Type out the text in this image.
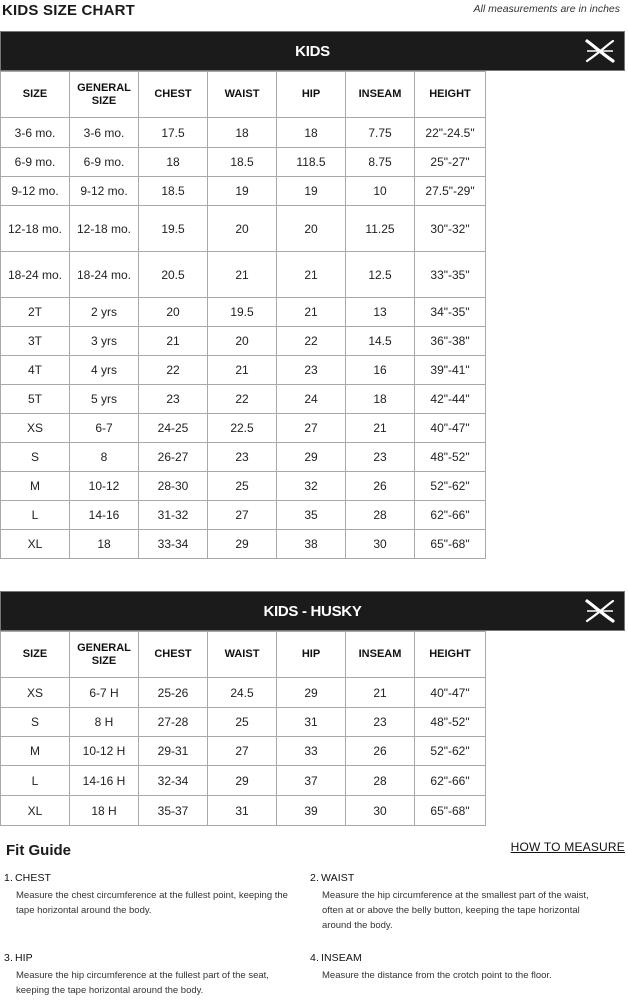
KIDS SIZE CHART	All measurements are in inches
KIDS
SIZE	GENERAL SIZE	CHEST	WAIST	HIP	INSEAM	HEIGHT
3-6 mo.	3-6 mo.	17.5	18	18	7.75	22"-24.5"
6-9 mo.	6-9 mo.	18	18.5	118.5	8.75	25"-27"
9-12 mo.	9-12 mo.	18.5	19	19	10	27.5"-29"
12-18 mo.	12-18 mo.	19.5	20	20	11.25	30"-32"
18-24 mo.	18-24 mo.	20.5	21	21	12.5	33"-35"
2T	2 yrs	20	19.5	21	13	34"-35"
3T	3 yrs	21	20	22	14.5	36"-38"
4T	4 yrs	22	21	23	16	39"-41"
5T	5 yrs	23	22	24	18	42"-44"
XS	6-7	24-25	22.5	27	21	40"-47"
S	8	26-27	23	29	23	48"-52"
M	10-12	28-30	25	32	26	52"-62"
L	14-16	31-32	27	35	28	62"-66"
XL	18	33-34	29	38	30	65"-68"
KIDS - HUSKY
SIZE	GENERAL SIZE	CHEST	WAIST	HIP	INSEAM	HEIGHT
XS	6-7 H	25-26	24.5	29	21	40"-47"
S	8 H	27-28	25	31	23	48"-52"
M	10-12 H	29-31	27	33	26	52"-62"
L	14-16 H	32-34	29	37	28	62"-66"
XL	18 H	35-37	31	39	30	65"-68"
Fit Guide	HOW TO MEASURE
1. CHEST
Measure the chest circumference at the fullest point, keeping the tape horizontal around the body.
2. WAIST
Measure the hip circumference at the smallest part of the waist, often at or above the belly button, keeping the tape horizontal around the body.
3. HIP
Measure the hip circumference at the fullest part of the seat, keeping the tape horizontal around the body.
4. INSEAM
Measure the distance from the crotch point to the floor.
